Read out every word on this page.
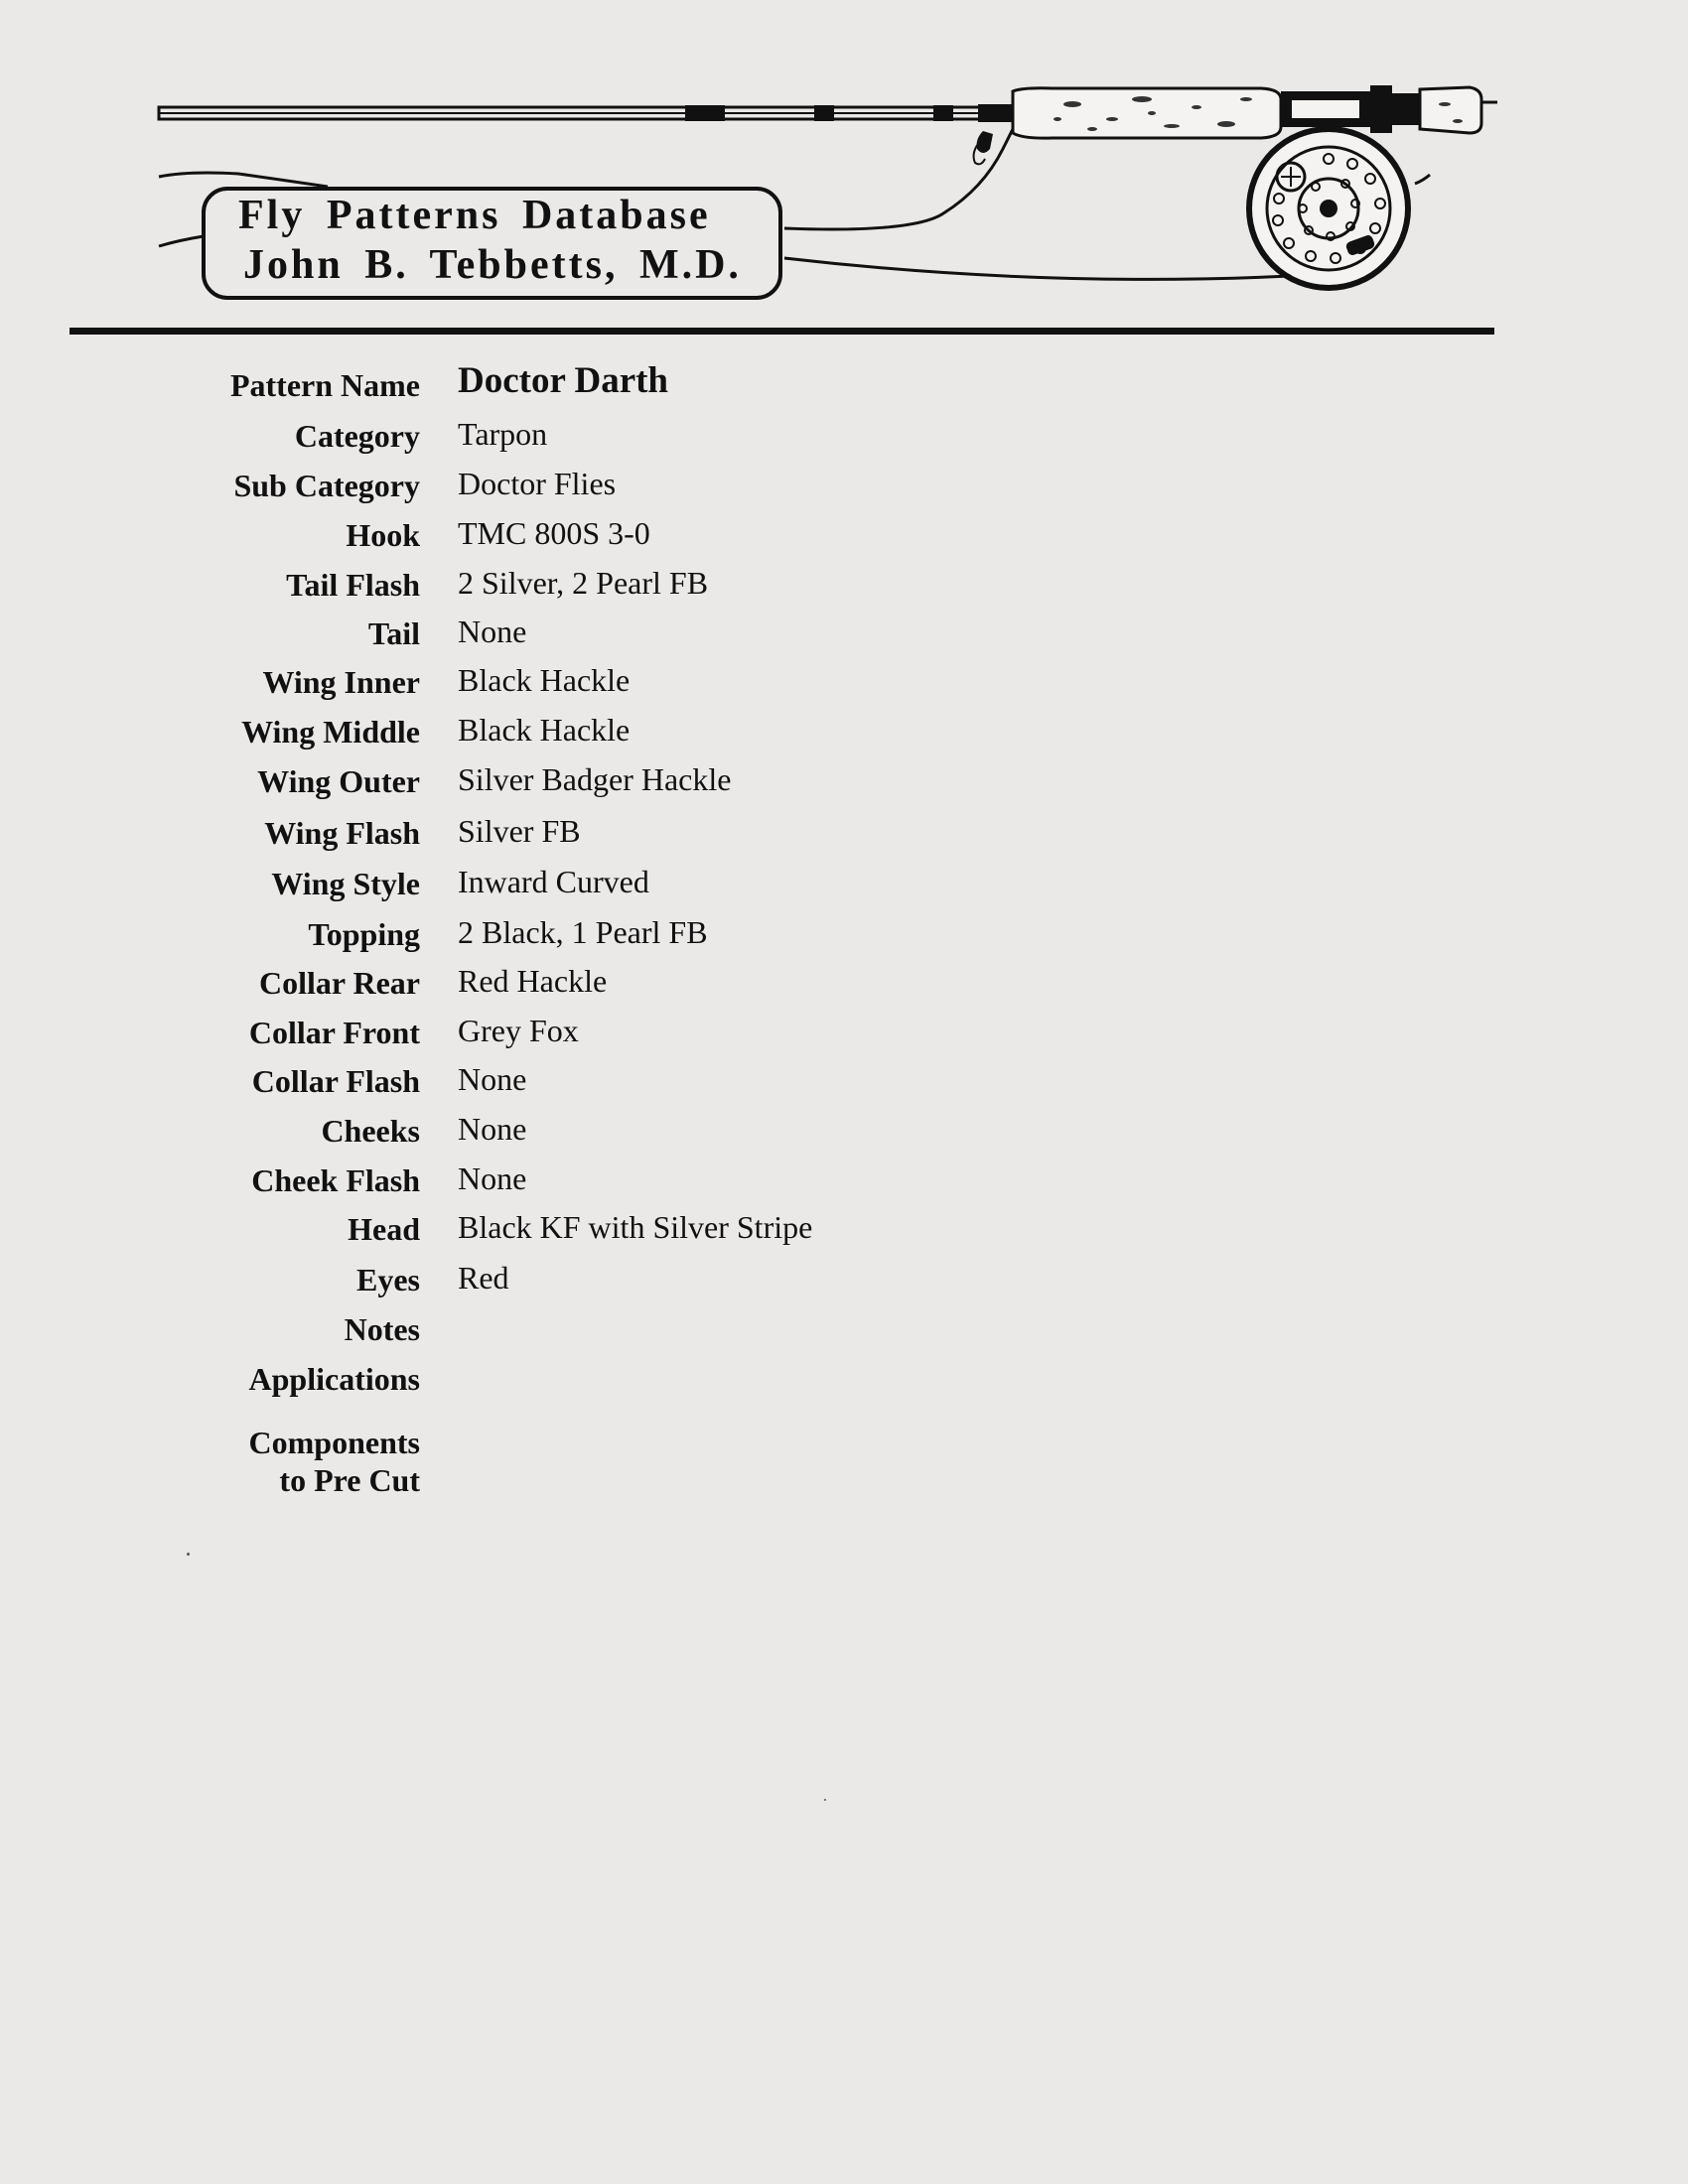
Fly Patterns Database
John B. Tebbetts, M.D.
Pattern Name Doctor Darth
Category Tarpon
Sub Category Doctor Flies
Hook TMC 800S 3-0
Tail Flash 2 Silver, 2 Pearl FB
Tail None
Wing Inner Black Hackle
Wing Middle Black Hackle
Wing Outer Silver Badger Hackle
Wing Flash Silver FB
Wing Style Inward Curved
Topping 2 Black, 1 Pearl FB
Collar Rear Red Hackle
Collar Front Grey Fox
Collar Flash None
Cheeks None
Cheek Flash None
Head Black KF with Silver Stripe
Eyes Red
Notes
Applications
Components
to Pre Cut
